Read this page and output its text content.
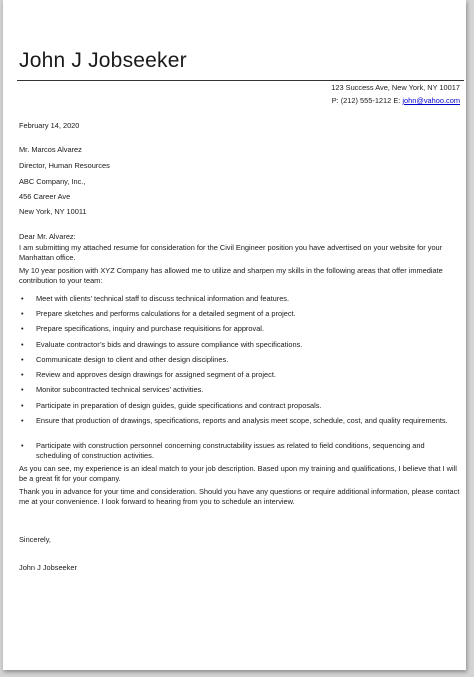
John J Jobseeker
123 Success Ave, New York, NY 10017
P: (212) 555-1212 E: john@vahoo.com
February 14, 2020
Mr. Marcos Alvarez
Director, Human Resources
ABC Company, Inc.,
456 Career Ave
New York, NY 10011
Dear Mr. Alvarez:
I am submitting my attached resume for consideration for the Civil Engineer position you have advertised on your website for your Manhattan office.
My 10 year position with XYZ Company has allowed me to utilize and sharpen my skills in the following areas that offer immediate contribution to your team:
• Meet with clients’ technical staff to discuss technical information and features.
• Prepare sketches and performs calculations for a detailed segment of a project.
• Prepare specifications, inquiry and purchase requisitions for approval.
• Evaluate contractor’s bids and drawings to assure compliance with specifications.
• Communicate design to client and other design disciplines.
• Review and approves design drawings for assigned segment of a project.
• Monitor subcontracted technical services’ activities.
• Participate in preparation of design guides, guide specifications and contract proposals.
• Ensure that production of drawings, specifications, reports and analysis meet scope, schedule, cost, and quality requirements.
• Participate with construction personnel concerning constructability issues as related to field conditions, sequencing and scheduling of construction activities.
As you can see, my experience is an ideal match to your job description. Based upon my training and qualifications, I believe that I will be a great fit for your company.
Thank you in advance for your time and consideration. Should you have any questions or require additional information, please contact me at your convenience. I look forward to hearing from you to schedule an interview.
Sincerely,
John J Jobseeker
